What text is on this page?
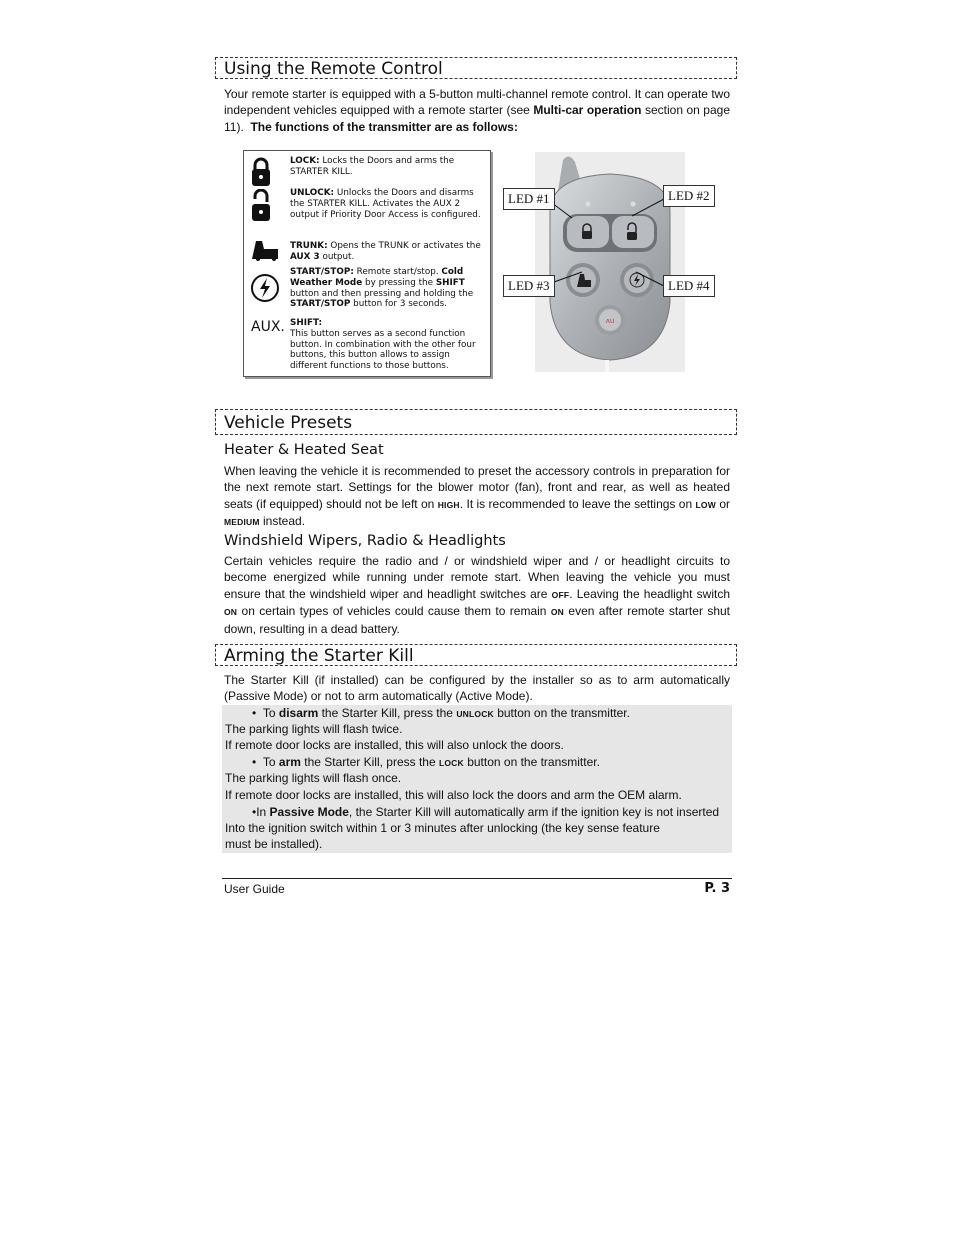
Using the Remote Control
Your remote starter is equipped with a 5-button multi-channel remote control. It can operate two independent vehicles equipped with a remote starter (see Multi-car operation section on page 11). The functions of the transmitter are as follows:
LOCK: Locks the Doors and arms the STARTER KILL.
UNLOCK: Unlocks the Doors and disarms the STARTER KILL. Activates the AUX 2 output if Priority Door Access is configured.
TRUNK: Opens the TRUNK or activates the AUX 3 output.
START/STOP: Remote start/stop. Cold Weather Mode by pressing the SHIFT button and then pressing and holding the START/STOP button for 3 seconds.
AUX. SHIFT:
This button serves as a second function button. In combination with the other four buttons, this button allows to assign different functions to those buttons.
ʌu
LED #1	LED #2
LED #3	LED #4
Vehicle Presets
Heater & Heated Seat
When leaving the vehicle it is recommended to preset the accessory controls in preparation for the next remote start. Settings for the blower motor (fan), front and rear, as well as heated seats (if equipped) should not be left on HIGH. It is recommended to leave the settings on LOW or MEDIUM instead.
Windshield Wipers, Radio & Headlights
Certain vehicles require the radio and / or windshield wiper and / or headlight circuits to become energized while running under remote start. When leaving the vehicle you must ensure that the windshield wiper and headlight switches are OFF. Leaving the headlight switch ON on certain types of vehicles could cause them to remain ON even after remote starter shut down, resulting in a dead battery.
Arming the Starter Kill
The Starter Kill (if installed) can be configured by the installer so as to arm automatically (Passive Mode) or not to arm automatically (Active Mode).
•  To disarm the Starter Kill, press the UNLOCK button on the transmitter.
The parking lights will flash twice.
If remote door locks are installed, this will also unlock the doors.
•  To arm the Starter Kill, press the LOCK button on the transmitter.
The parking lights will flash once.
If remote door locks are installed, this will also lock the doors and arm the OEM alarm.
•In Passive Mode, the Starter Kill will automatically arm if the ignition key is not inserted
Into the ignition switch within 1 or 3 minutes after unlocking (the key sense feature
must be installed).
User Guide	P. 3
